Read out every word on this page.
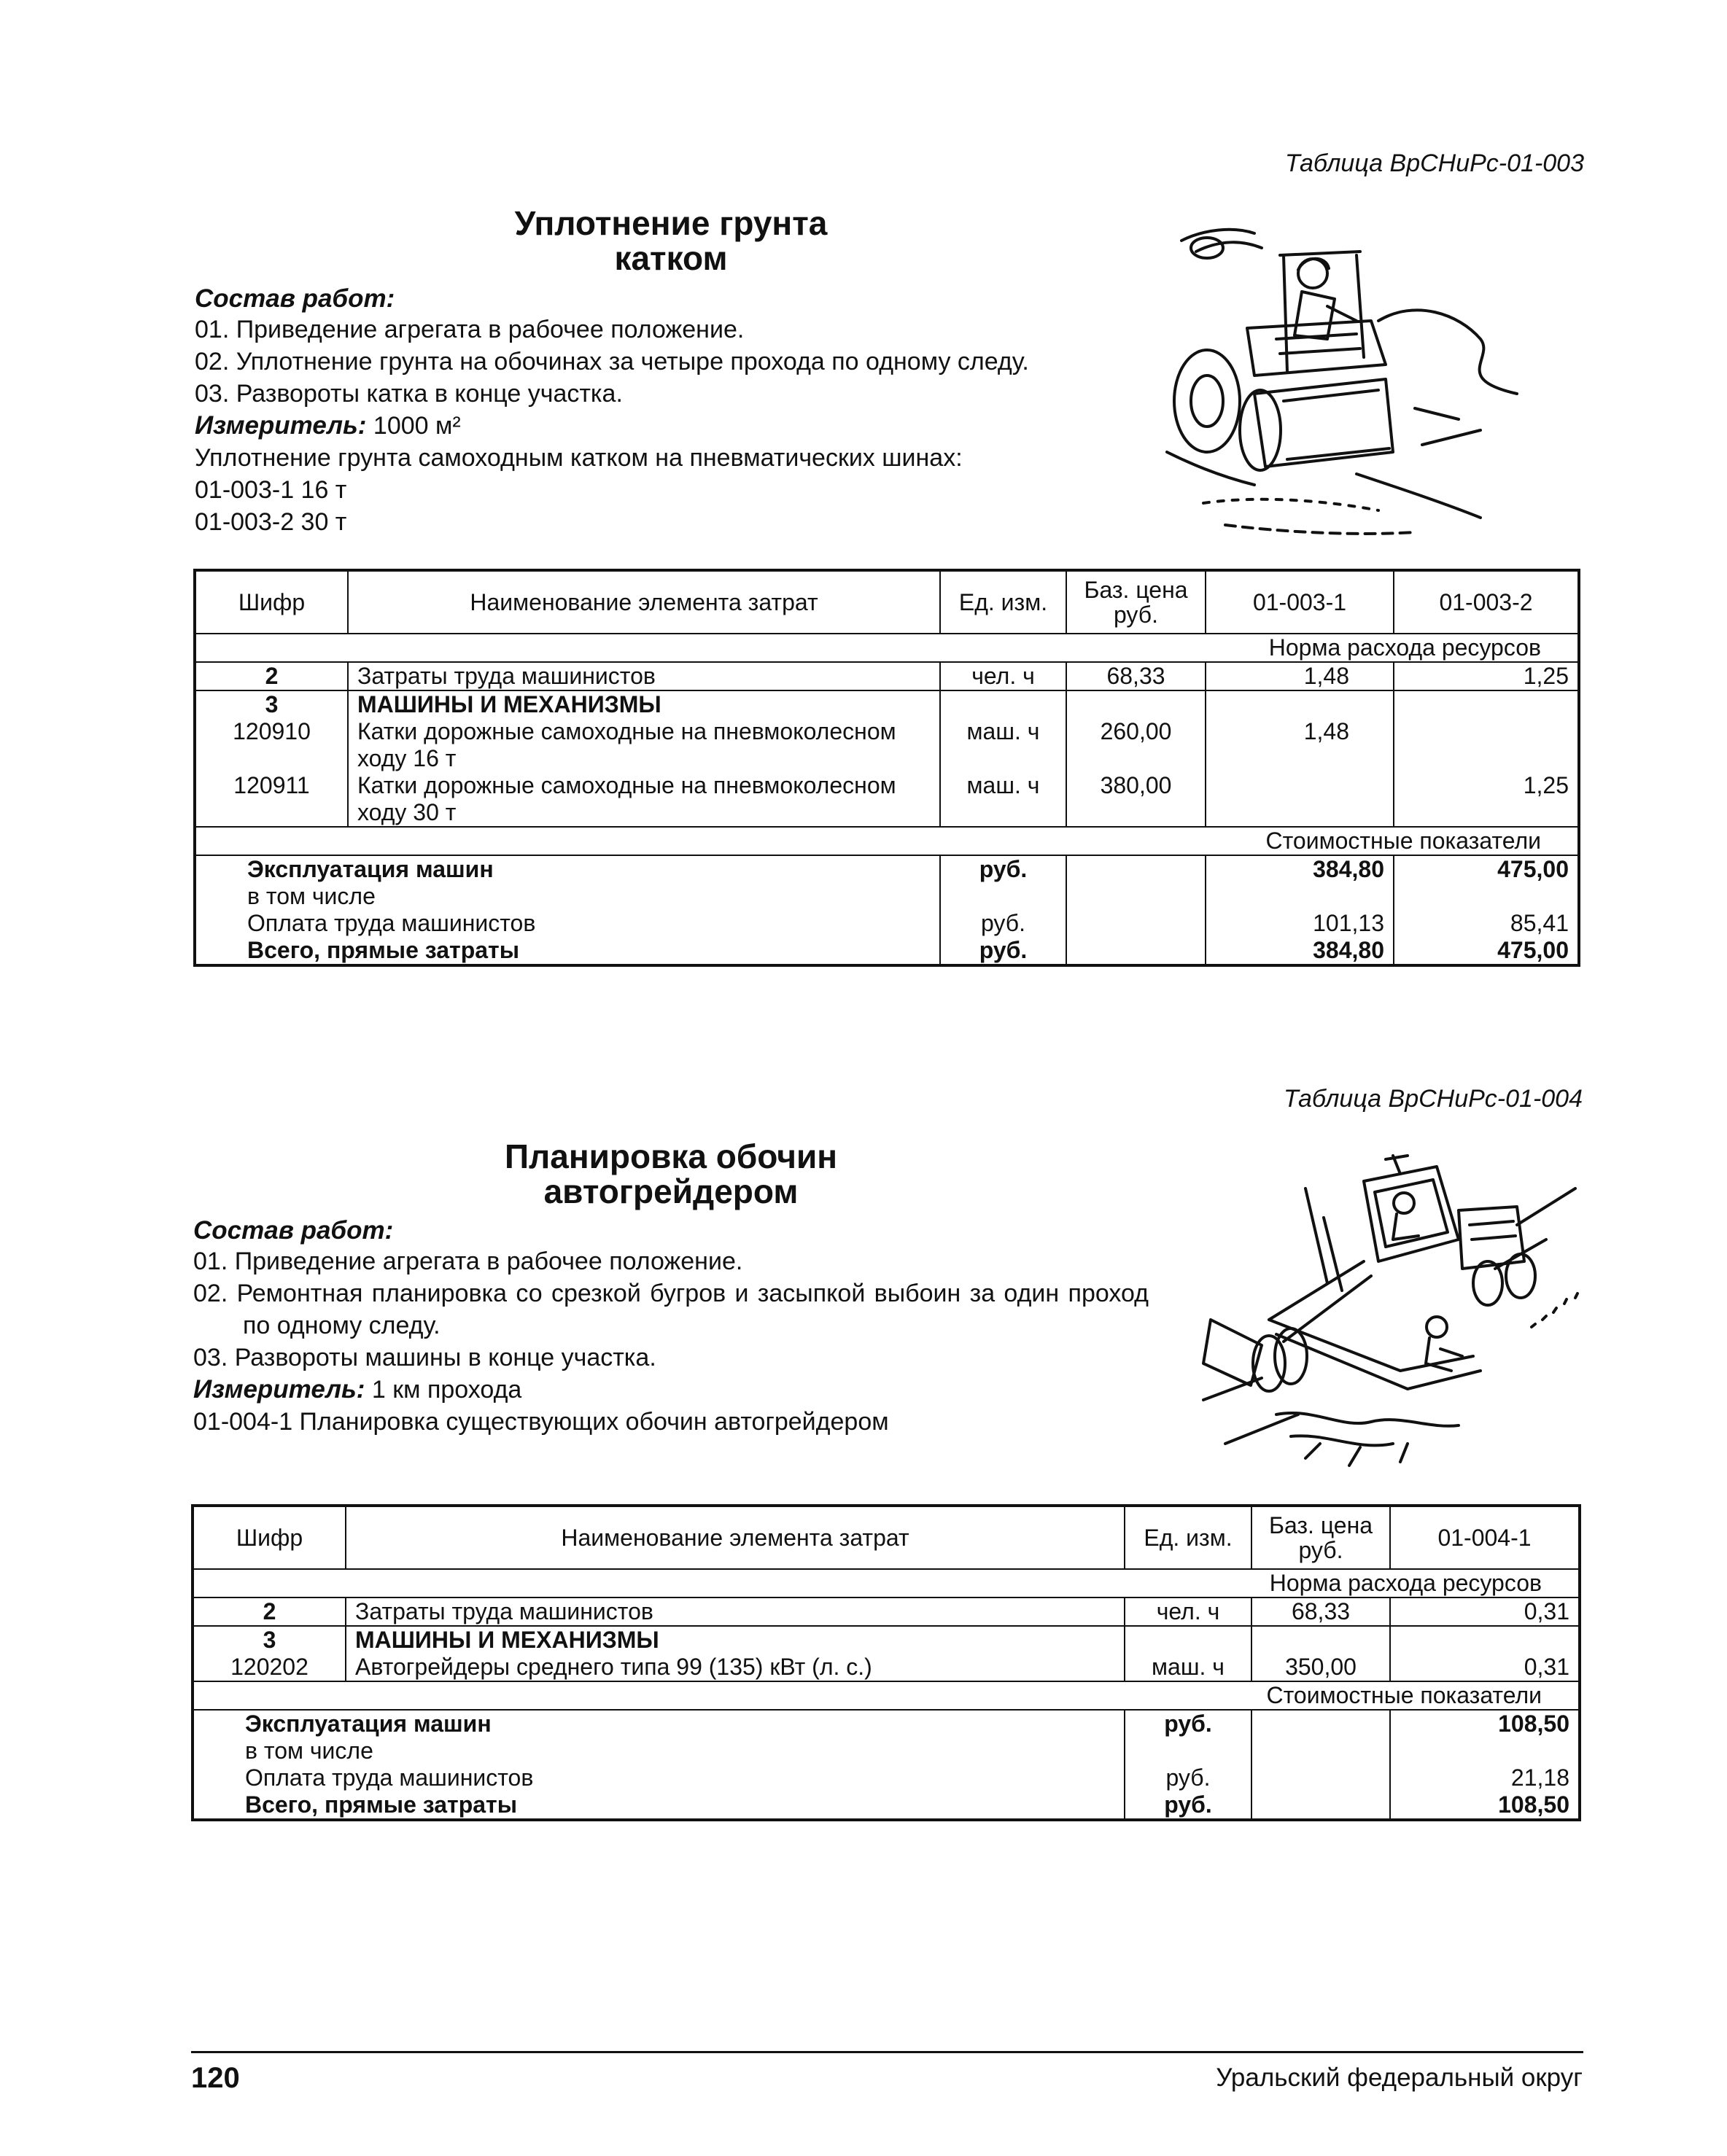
Таблица ВрСНиРс-01-003
Уплотнение грунта
катком
Состав работ:
01. Приведение агрегата в рабочее положение.
02. Уплотнение грунта на обочинах за четыре прохода по одному следу.
03. Развороты катка в конце участка.
Измеритель: 1000 м²
Уплотнение грунта самоходным катком на пневматических шинах:
01-003-1 16 т
01-003-2 30 т
Шифр	Наименование элемента затрат	Ед. изм.	Баз. цена руб.	01-003-1	01-003-2
Норма расхода ресурсов					
2	Затраты труда машинистов	чел. ч	68,33	1,48	1,25
3	МАШИНЫ И МЕХАНИЗМЫ				
120910	Катки дорожные самоходные на пневмоколесном ходу 16 т	маш. ч	260,00	1,48	
120911	Катки дорожные самоходные на пневмоколесном ходу 30 т	маш. ч	380,00		1,25
Стоимостные показатели					
Эксплуатация машин		руб.		384,80	475,00
в том числе					
Оплата труда машинистов		руб.		101,13	85,41
Всего, прямые затраты		руб.		384,80	475,00
Таблица ВрСНиРс-01-004
Планировка обочин
автогрейдером
Состав работ:
01. Приведение агрегата в рабочее положение.
02. Ремонтная планировка со срезкой бугров и засыпкой выбоин за один проход по одному следу.
03. Развороты машины в конце участка.
Измеритель: 1 км прохода
01-004-1 Планировка существующих обочин автогрейдером
Шифр	Наименование элемента затрат	Ед. изм.	Баз. цена руб.	01-004-1
Норма расхода ресурсов				
2	Затраты труда машинистов	чел. ч	68,33	0,31
3	МАШИНЫ И МЕХАНИЗМЫ			
120202	Автогрейдеры среднего типа 99 (135) кВт (л. с.)	маш. ч	350,00	0,31
Стоимостные показатели				
Эксплуатация машин		руб.		108,50
в том числе				
Оплата труда машинистов		руб.		21,18
Всего, прямые затраты		руб.		108,50
120	Уральский федеральный округ
